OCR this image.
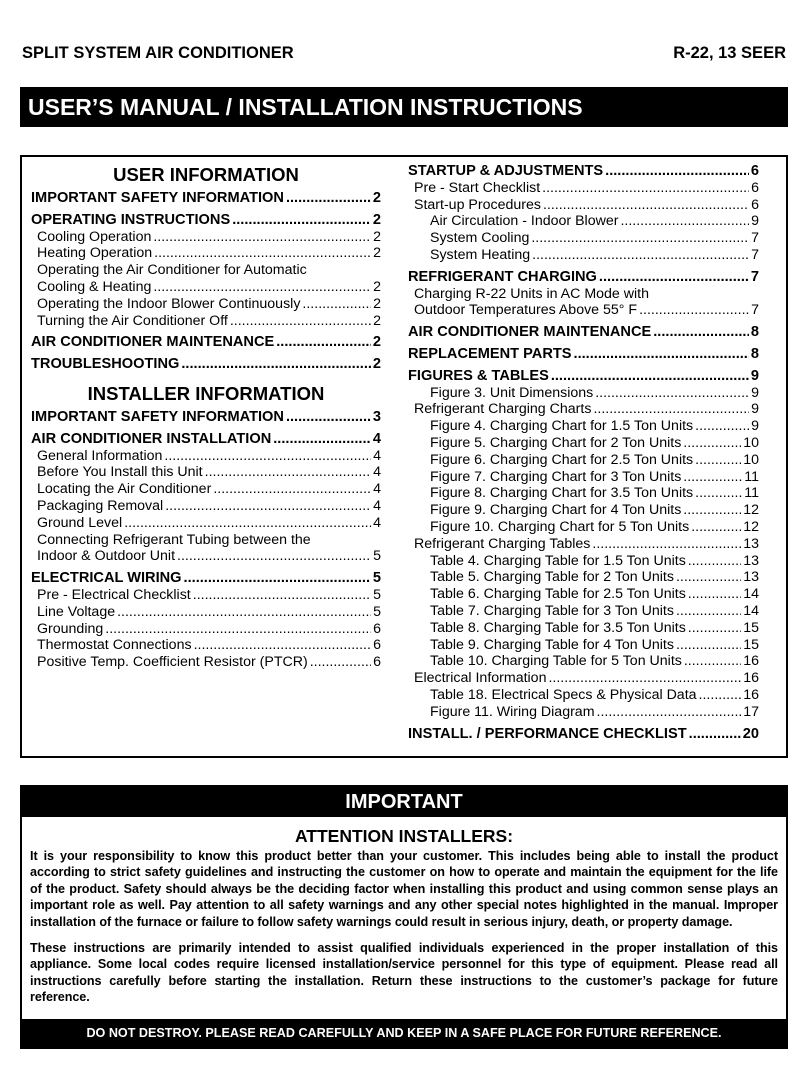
SPLIT SYSTEM AIR CONDITIONER	R-22, 13 SEER
USER’S MANUAL / INSTALLATION INSTRUCTIONS
USER INFORMATION
IMPORTANT SAFETY INFORMATION .....	2
OPERATING INSTRUCTIONS .....	2
Cooling Operation .....	2
Heating Operation .....	2
Operating the Air Conditioner for Automatic
Cooling & Heating .....	2
Operating the Indoor Blower Continuously .....	2
Turning the Air Conditioner Off .....	2
AIR CONDITIONER MAINTENANCE .....	2
TROUBLESHOOTING .....	2
INSTALLER INFORMATION
IMPORTANT SAFETY INFORMATION .....	3
AIR CONDITIONER INSTALLATION .....	4
General Information .....	4
Before You Install this Unit .....	4
Locating the Air Conditioner .....	4
Packaging Removal .....	4
Ground Level .....	4
Connecting Refrigerant Tubing between the
Indoor & Outdoor Unit .....	5
ELECTRICAL WIRING .....	5
Pre - Electrical Checklist .....	5
Line Voltage .....	5
Grounding .....	6
Thermostat Connections .....	6
Positive Temp. Coefficient Resistor (PTCR) .....	6
STARTUP & ADJUSTMENTS .....	6
Pre - Start Checklist .....	6
Start-up Procedures .....	6
Air Circulation - Indoor Blower .....	9
System Cooling .....	7
System Heating .....	7
REFRIGERANT CHARGING .....	7
Charging R-22 Units in AC Mode with
Outdoor Temperatures Above 55° F .....	7
AIR CONDITIONER MAINTENANCE .....	8
REPLACEMENT PARTS .....	8
FIGURES & TABLES .....	9
Figure 3. Unit Dimensions .....	9
Refrigerant Charging Charts .....	9
Figure 4. Charging Chart for 1.5 Ton Units .....	9
Figure 5. Charging Chart for 2 Ton Units .....	10
Figure 6. Charging Chart for 2.5 Ton Units .....	10
Figure 7. Charging Chart for 3 Ton Units .....	11
Figure 8. Charging Chart for 3.5 Ton Units .....	11
Figure 9. Charging Chart for 4 Ton Units .....	12
Figure 10. Charging Chart for 5 Ton Units .....	12
Refrigerant Charging Tables .....	13
Table 4. Charging Table for 1.5 Ton Units .....	13
Table 5. Charging Table for 2 Ton Units .....	13
Table 6. Charging Table for 2.5 Ton Units .....	14
Table 7. Charging Table for 3 Ton Units .....	14
Table 8. Charging Table for 3.5 Ton Units .....	15
Table 9. Charging Table for 4 Ton Units .....	15
Table 10. Charging Table for 5 Ton Units .....	16
Electrical Information .....	16
Table 18. Electrical Specs & Physical Data .....	16
Figure 11. Wiring Diagram .....	17
INSTALL. / PERFORMANCE CHECKLIST .....	20
IMPORTANT
ATTENTION INSTALLERS:
It is your responsibility to know this product better than your customer. This includes being able to install the product according to strict safety guidelines and instructing the customer on how to operate and maintain the equipment for the life of the product. Safety should always be the deciding factor when installing this product and using common sense plays an important role as well. Pay attention to all safety warnings and any other special notes highlighted in the manual. Improper installation of the furnace or failure to follow safety warnings could result in serious injury, death, or property damage.
These instructions are primarily intended to assist qualified individuals experienced in the proper installation of this appliance. Some local codes require licensed installation/service personnel for this type of equipment. Please read all instructions carefully before starting the installation. Return these instructions to the customer’s package for future reference.
DO NOT DESTROY. PLEASE READ CAREFULLY AND KEEP IN A SAFE PLACE FOR FUTURE REFERENCE.
